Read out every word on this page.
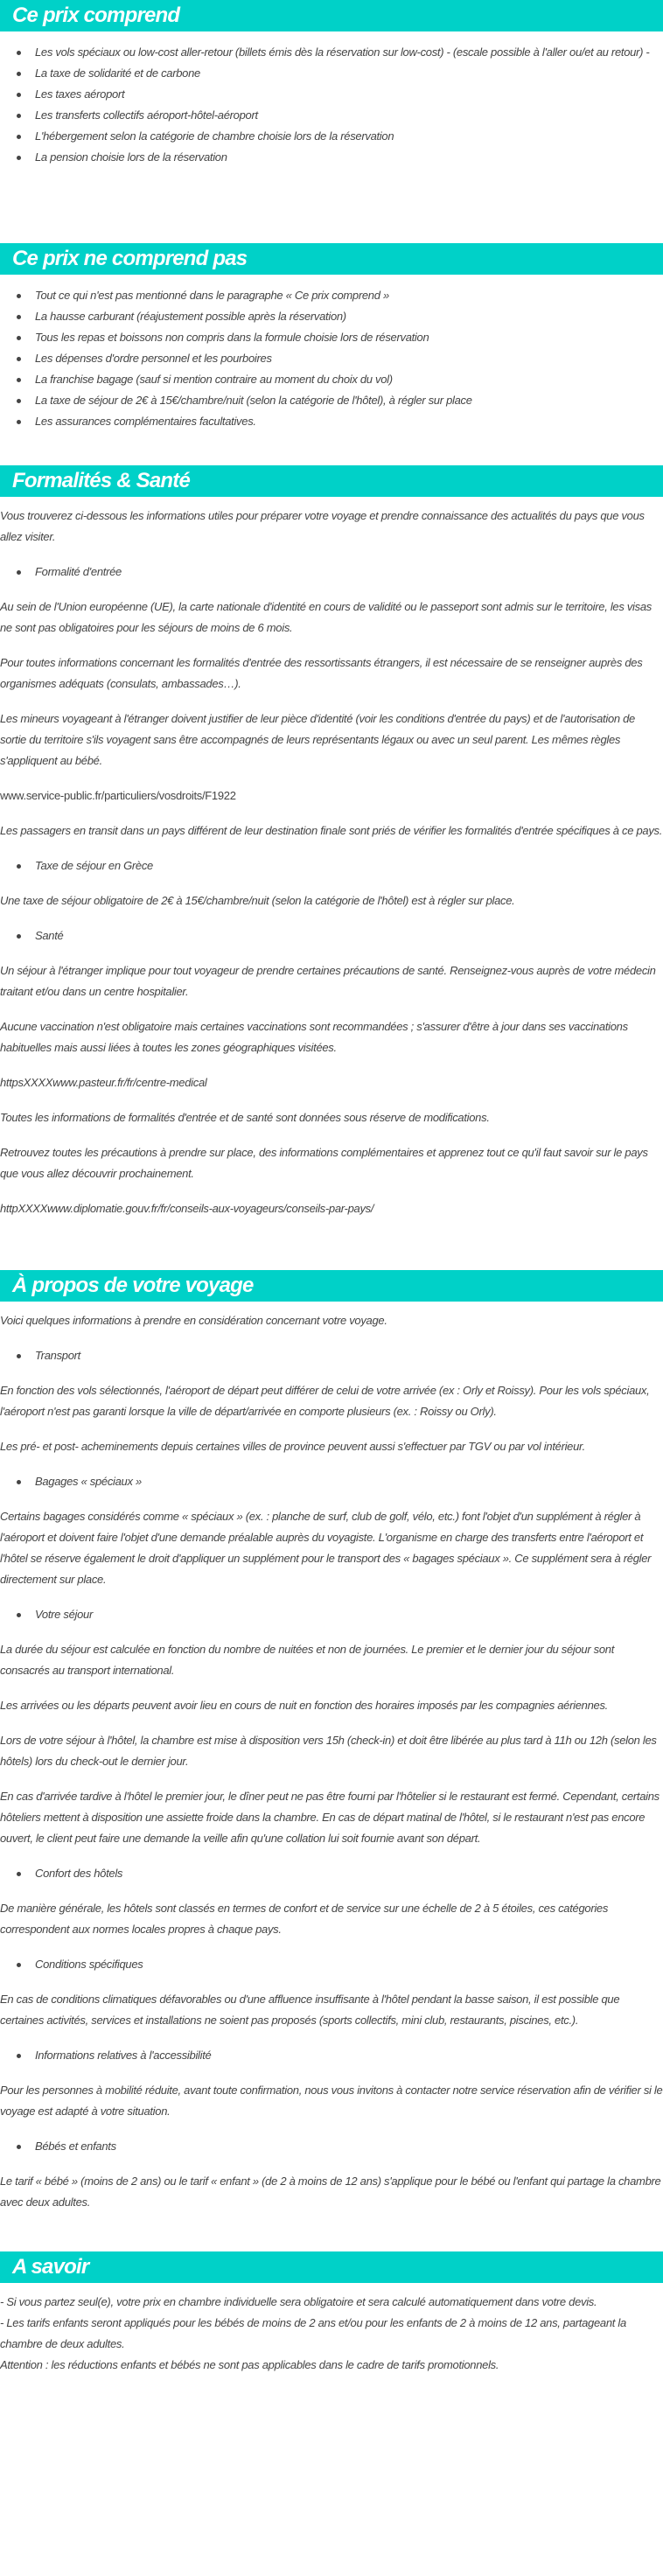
Ce prix comprend
Les vols spéciaux ou low-cost aller-retour (billets émis dès la réservation sur low-cost) - (escale possible à l'aller ou/et au retour) -
La taxe de solidarité et de carbone
Les taxes aéroport
Les transferts collectifs aéroport-hôtel-aéroport
L'hébergement selon la catégorie de chambre choisie lors de la réservation
La pension choisie lors de la réservation
Ce prix ne comprend pas
Tout ce qui n'est pas mentionné dans le paragraphe « Ce prix comprend »
La hausse carburant (réajustement possible après la réservation)
Tous les repas et boissons non compris dans la formule choisie lors de réservation
Les dépenses d'ordre personnel et les pourboires
La franchise bagage (sauf si mention contraire au moment du choix du vol)
La taxe de séjour de 2€ à 15€/chambre/nuit (selon la catégorie de l'hôtel), à régler sur place
Les assurances complémentaires facultatives.
Formalités & Santé

Vous trouverez ci-dessous les informations utiles pour préparer votre voyage et prendre connaissance des actualités du pays que vous allez visiter.

Formalité d'entrée

Au sein de l'Union européenne (UE), la carte nationale d'identité en cours de validité ou le passeport sont admis sur le territoire, les visas ne sont pas obligatoires pour les séjours de moins de 6 mois.

Pour toutes informations concernant les formalités d'entrée des ressortissants étrangers, il est nécessaire de se renseigner auprès des organismes adéquats (consulats, ambassades…).

Les mineurs voyageant à l'étranger doivent justifier de leur pièce d'identité (voir les conditions d'entrée du pays) et de l'autorisation de sortie du territoire s'ils voyagent sans être accompagnés de leurs représentants légaux ou avec un seul parent. Les mêmes règles s'appliquent au bébé.

www.service-public.fr/particuliers/vosdroits/F1922

Les passagers en transit dans un pays différent de leur destination finale sont priés de vérifier les formalités d'entrée spécifiques à ce pays.

Taxe de séjour en Grèce

Une taxe de séjour obligatoire de 2€ à 15€/chambre/nuit (selon la catégorie de l'hôtel) est à régler sur place.

Santé

Un séjour à l'étranger implique pour tout voyageur de prendre certaines précautions de santé. Renseignez-vous auprès de votre médecin traitant et/ou dans un centre hospitalier.

Aucune vaccination n'est obligatoire mais certaines vaccinations sont recommandées ; s'assurer d'être à jour dans ses vaccinations habituelles mais aussi liées à toutes les zones géographiques visitées.

httpsXXXXwww.pasteur.fr/fr/centre-medical

Toutes les informations de formalités d'entrée et de santé sont données sous réserve de modifications.

Retrouvez toutes les précautions à prendre sur place, des informations complémentaires et apprenez tout ce qu'il faut savoir sur le pays que vous allez découvrir prochainement.

httpXXXXwww.diplomatie.gouv.fr/fr/conseils-aux-voyageurs/conseils-par-pays/

À propos de votre voyage

Voici quelques informations à prendre en considération concernant votre voyage.

Transport

En fonction des vols sélectionnés, l'aéroport de départ peut différer de celui de votre arrivée (ex : Orly et Roissy). Pour les vols spéciaux, l'aéroport n'est pas garanti lorsque la ville de départ/arrivée en comporte plusieurs (ex. : Roissy ou Orly).

Les pré- et post- acheminements depuis certaines villes de province peuvent aussi s'effectuer par TGV ou par vol intérieur.

Bagages « spéciaux »

Certains bagages considérés comme « spéciaux » (ex. : planche de surf, club de golf, vélo, etc.) font l'objet d'un supplément à régler à l'aéroport et doivent faire l'objet d'une demande préalable auprès du voyagiste. L'organisme en charge des transferts entre l'aéroport et l'hôtel se réserve également le droit d'appliquer un supplément pour le transport des « bagages spéciaux ». Ce supplément sera à régler directement sur place.

Votre séjour

La durée du séjour est calculée en fonction du nombre de nuitées et non de journées. Le premier et le dernier jour du séjour sont consacrés au transport international.

Les arrivées ou les départs peuvent avoir lieu en cours de nuit en fonction des horaires imposés par les compagnies aériennes.

Lors de votre séjour à l'hôtel, la chambre est mise à disposition vers 15h (check-in) et doit être libérée au plus tard à 11h ou 12h (selon les hôtels) lors du check-out le dernier jour.

En cas d'arrivée tardive à l'hôtel le premier jour, le dîner peut ne pas être fourni par l'hôtelier si le restaurant est fermé. Cependant, certains hôteliers mettent à disposition une assiette froide dans la chambre. En cas de départ matinal de l'hôtel, si le restaurant n'est pas encore ouvert, le client peut faire une demande la veille afin qu'une collation lui soit fournie avant son départ.

Confort des hôtels

De manière générale, les hôtels sont classés en termes de confort et de service sur une échelle de 2 à 5 étoiles, ces catégories correspondent aux normes locales propres à chaque pays.

Conditions spécifiques

En cas de conditions climatiques défavorables ou d'une affluence insuffisante à l'hôtel pendant la basse saison, il est possible que certaines activités, services et installations ne soient pas proposés (sports collectifs, mini club, restaurants, piscines, etc.).

Informations relatives à l'accessibilité

Pour les personnes à mobilité réduite, avant toute confirmation, nous vous invitons à contacter notre service réservation afin de vérifier si le voyage est adapté à votre situation.

Bébés et enfants

Le tarif « bébé » (moins de 2 ans) ou le tarif « enfant » (de 2 à moins de 12 ans) s'applique pour le bébé ou l'enfant qui partage la chambre avec deux adultes.

A savoir

- Si vous partez seul(e), votre prix en chambre individuelle sera obligatoire et sera calculé automatiquement dans votre devis.

- Les tarifs enfants seront appliqués pour les bébés de moins de 2 ans et/ou pour les enfants de 2 à moins de 12 ans, partageant la chambre de deux adultes.

Attention : les réductions enfants et bébés ne sont pas applicables dans le cadre de tarifs promotionnels.
